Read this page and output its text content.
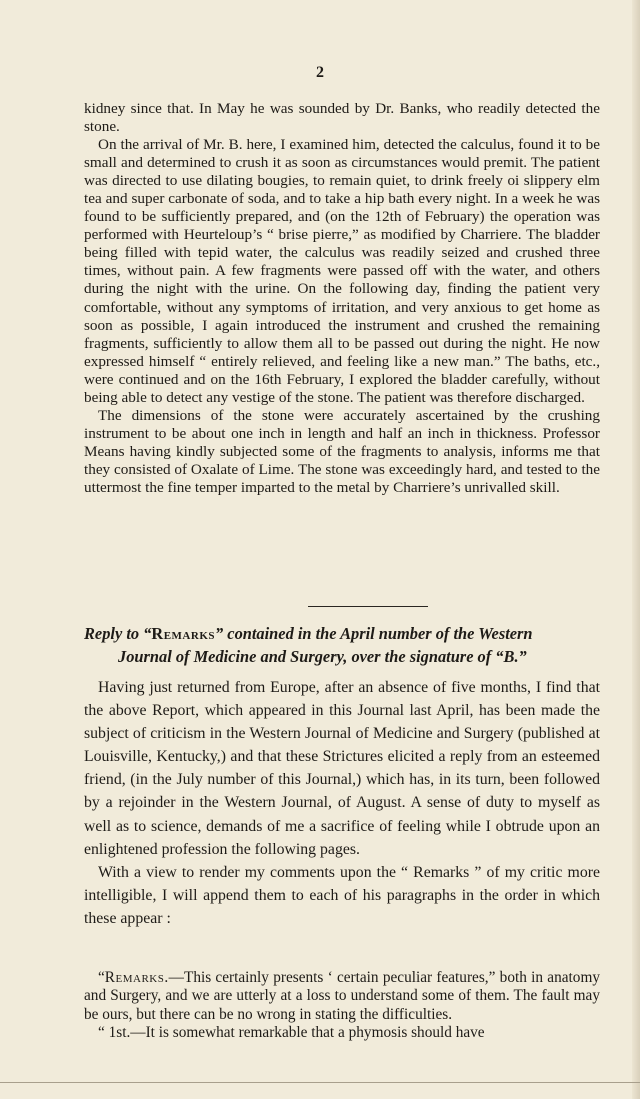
2

kidney since that. In May he was sounded by Dr. Banks, who readily detected the stone.

On the arrival of Mr. B. here, I examined him, detected the calculus, found it to be small and determined to crush it as soon as circumstances would premit. The patient was directed to use dilating bougies, to remain quiet, to drink freely oi slippery elm tea and super carbonate of soda, and to take a hip bath every night. In a week he was found to be sufficiently prepared, and (on the 12th of February) the operation was performed with Heurteloup’s “ brise pierre,” as modified by Charriere. The bladder being filled with tepid water, the calculus was readily seized and crushed three times, without pain. A few fragments were passed off with the water, and others during the night with the urine. On the following day, finding the patient very comfortable, without any symptoms of irritation, and very anxious to get home as soon as possible, I again introduced the instrument and crushed the remaining fragments, sufficiently to allow them all to be passed out during the night. He now expressed himself “ entirely relieved, and feeling like a new man.” The baths, etc., were continued and on the 16th February, I explored the bladder carefully, without being able to detect any vestige of the stone. The patient was therefore discharged.

The dimensions of the stone were accurately ascertained by the crushing instrument to be about one inch in length and half an inch in thickness. Professor Means having kindly subjected some of the fragments to analysis, informs me that they consisted of Oxalate of Lime. The stone was exceedingly hard, and tested to the uttermost the fine temper imparted to the metal by Charriere’s unrivalled skill.

Reply to “Remarks” contained in the April number of the Western
Journal of Medicine and Surgery, over the signature of “B.”

Having just returned from Europe, after an absence of five months, I find that the above Report, which appeared in this Journal last April, has been made the subject of criticism in the Western Journal of Medicine and Surgery (published at Louisville, Kentucky,) and that these Strictures elicited a reply from an esteemed friend, (in the July number of this Journal,) which has, in its turn, been followed by a rejoinder in the Western Journal, of August. A sense of duty to myself as well as to science, demands of me a sacrifice of feeling while I obtrude upon an enlightened profession the following pages.

With a view to render my comments upon the “ Remarks ” of my critic more intelligible, I will append them to each of his paragraphs in the order in which these appear :

“Remarks.—This certainly presents ‘ certain peculiar features,” both in anatomy and Surgery, and we are utterly at a loss to understand some of them. The fault may be ours, but there can be no wrong in stating the difficulties.

“ 1st.—It is somewhat remarkable that a phymosis should have
